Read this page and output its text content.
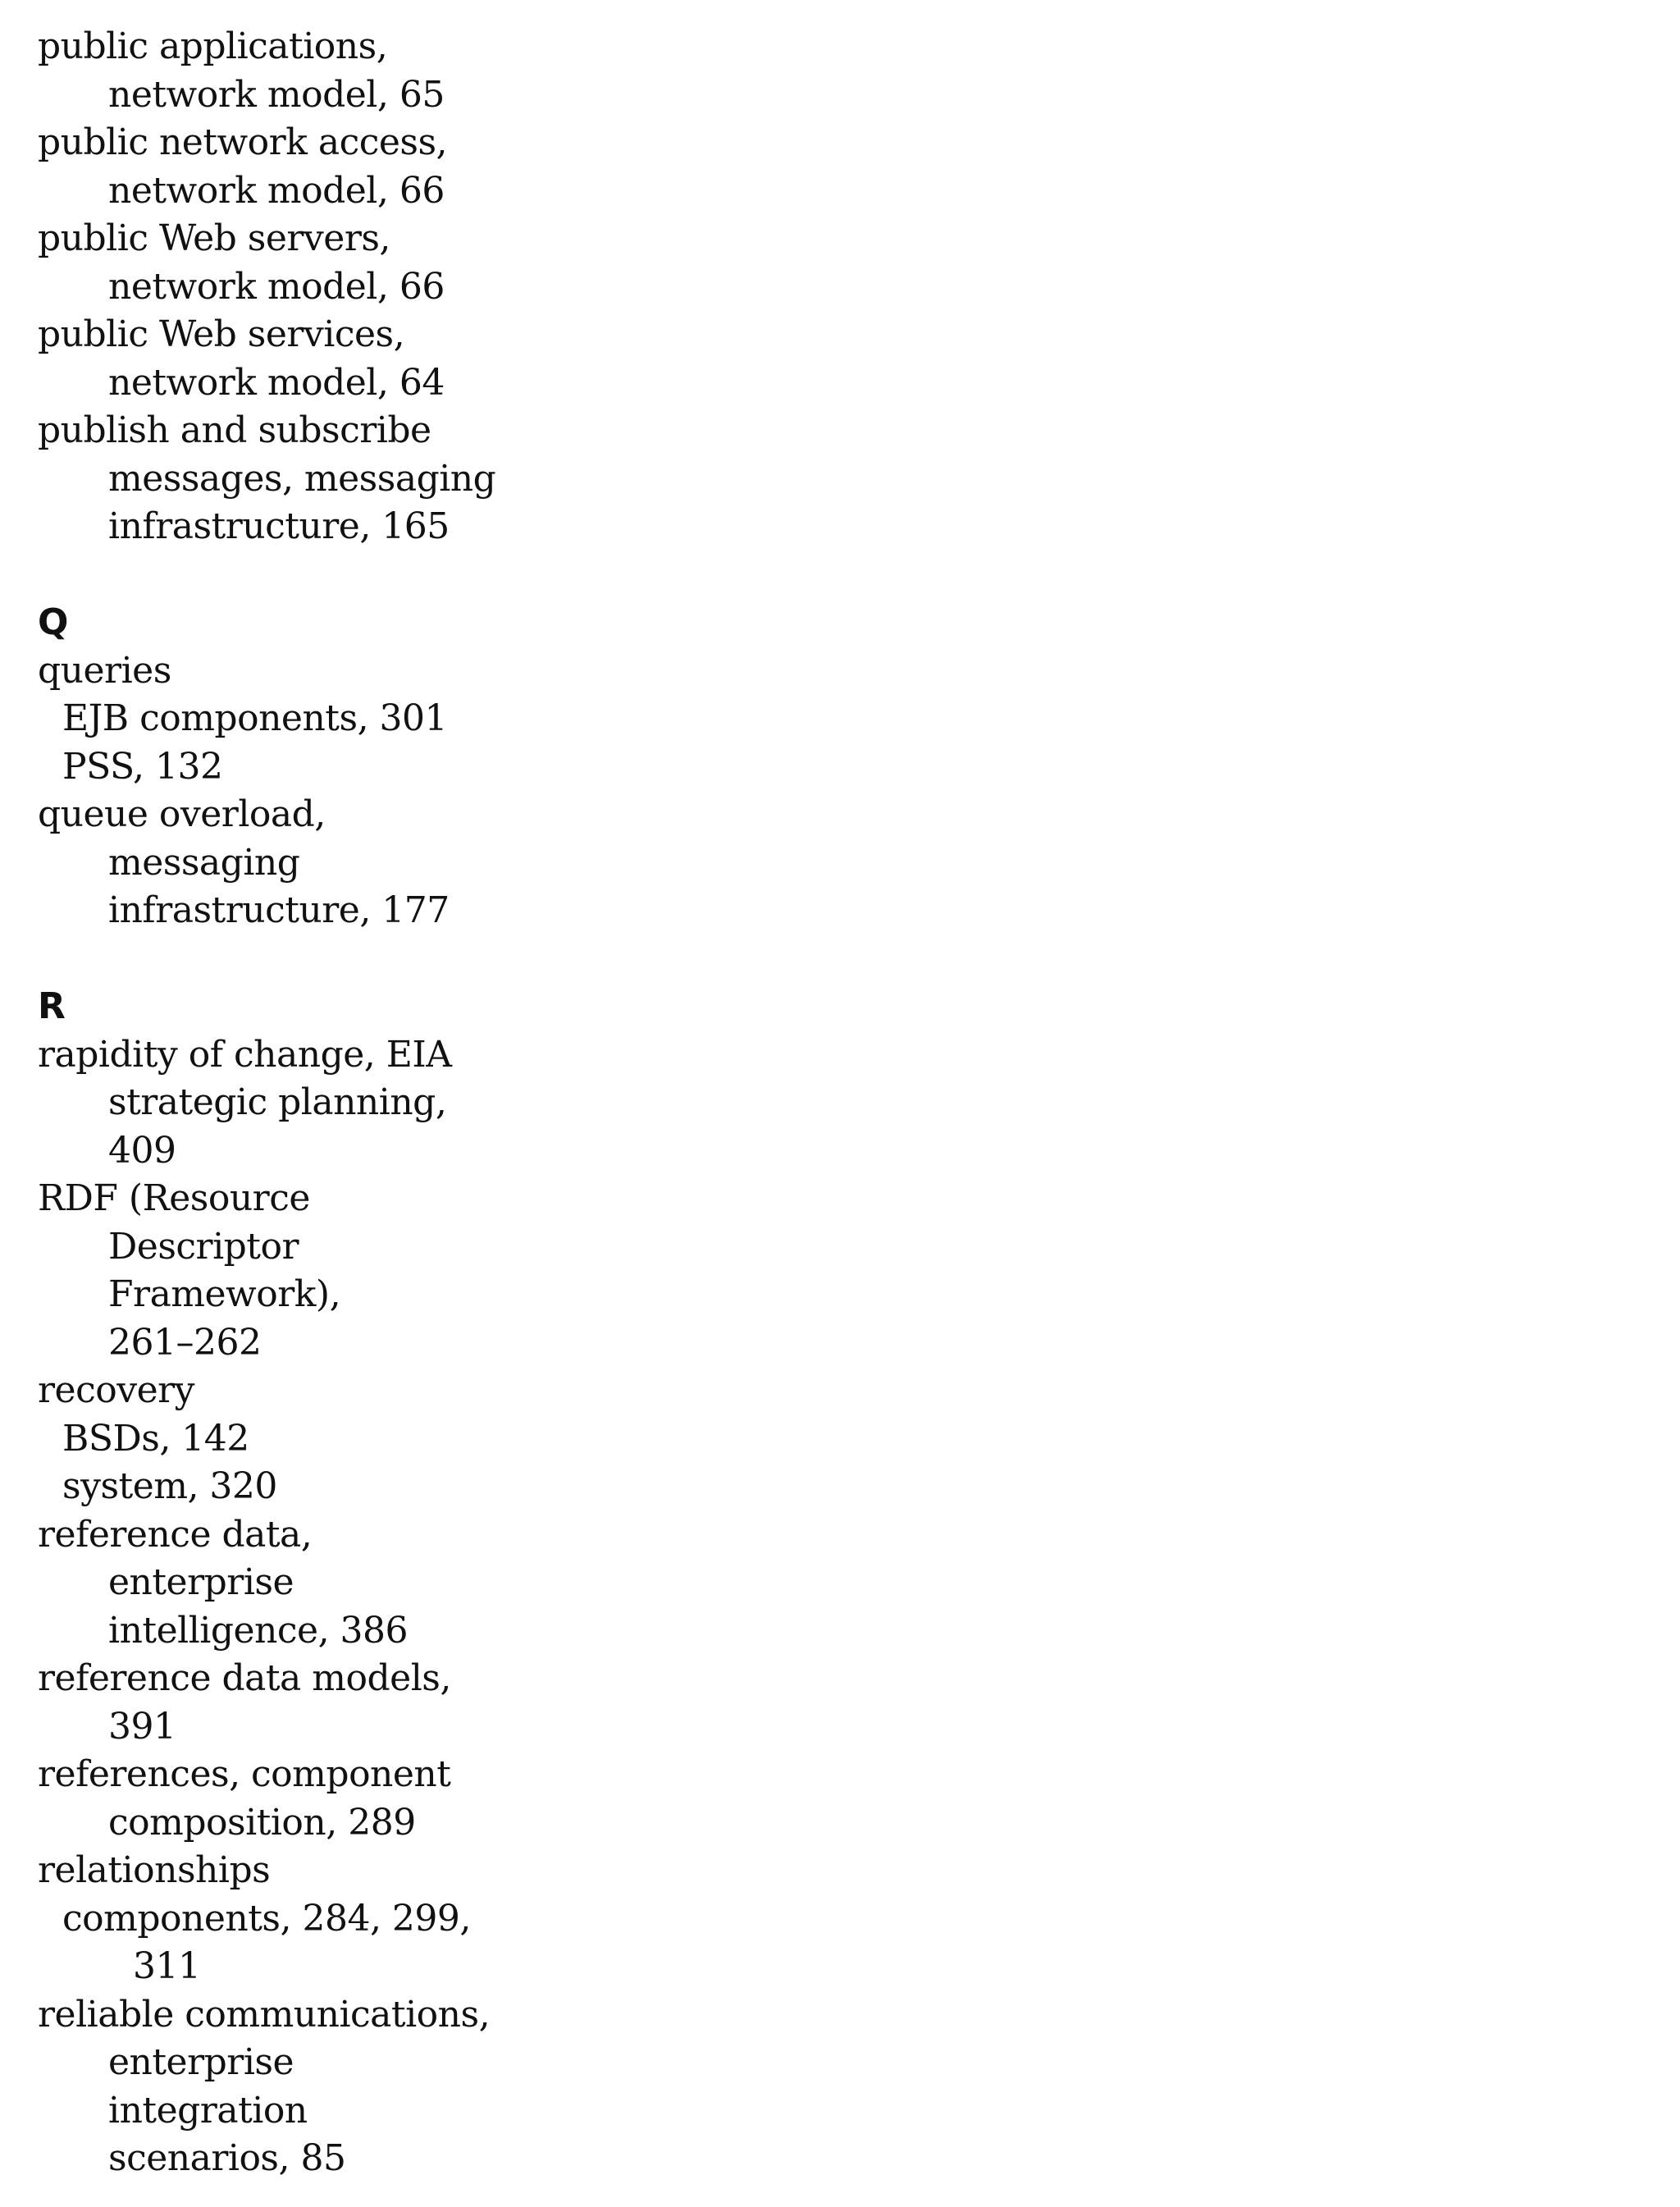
public applications,
network model, 65

public network access,
network model, 66

public Web servers,
network model, 66

public Web services,
network model, 64

publish and subscribe
messages, messaging
infrastructure, 165

Q

queries

EJB components, 301

PSS, 132

queue overload,
messaging
infrastructure, 177

R

rapidity of change, EIA
strategic planning,
409

RDF (Resource
Descriptor
Framework),
261–262

recovery

BSDs, 142

system, 320

reference data,
enterprise
intelligence, 386

reference data models,
391

references, component
composition, 289

relationships

components, 284, 299,
311

reliable communications,
enterprise
integration
scenarios, 85
